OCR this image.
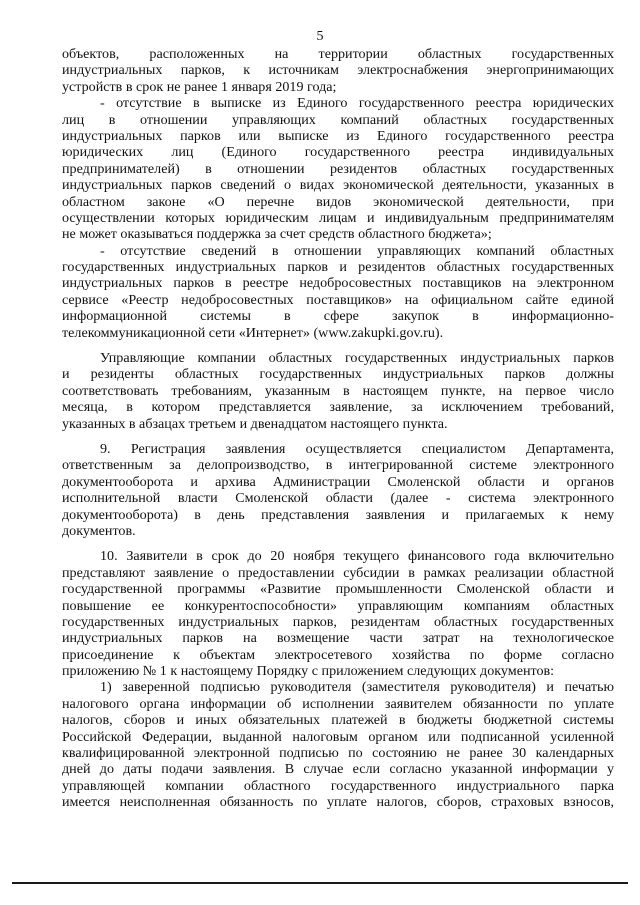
5
объектов, расположенных на территории областных государственных
индустриальных парков, к источникам электроснабжения энергопринимающих
устройств в срок не ранее 1 января 2019 года;
- отсутствие в выписке из Единого государственного реестра юридических
лиц в отношении управляющих компаний областных государственных
индустриальных парков или выписке из Единого государственного реестра
юридических лиц (Единого государственного реестра индивидуальных
предпринимателей) в отношении резидентов областных государственных
индустриальных парков сведений о видах экономической деятельности, указанных в
областном законе «О перечне видов экономической деятельности, при
осуществлении которых юридическим лицам и индивидуальным предпринимателям
не может оказываться поддержка за счет средств областного бюджета»;
- отсутствие сведений в отношении управляющих компаний областных
государственных индустриальных парков и резидентов областных государственных
индустриальных парков в реестре недобросовестных поставщиков на электронном
сервисе «Реестр недобросовестных поставщиков» на официальном сайте единой
информационной системы в сфере закупок в информационно-
телекоммуникационной сети «Интернет» (www.zakupki.gov.ru).
Управляющие компании областных государственных индустриальных парков
и резиденты областных государственных индустриальных парков должны
соответствовать требованиям, указанным в настоящем пункте, на первое число
месяца, в котором представляется заявление, за исключением требований,
указанных в абзацах третьем и двенадцатом настоящего пункта.
9. Регистрация заявления осуществляется специалистом Департамента,
ответственным за делопроизводство, в интегрированной системе электронного
документооборота и архива Администрации Смоленской области и органов
исполнительной власти Смоленской области (далее - система электронного
документооборота) в день представления заявления и прилагаемых к нему
документов.
10. Заявители в срок до 20 ноября текущего финансового года включительно
представляют заявление о предоставлении субсидии в рамках реализации областной
государственной программы «Развитие промышленности Смоленской области и
повышение ее конкурентоспособности» управляющим компаниям областных
государственных индустриальных парков, резидентам областных государственных
индустриальных парков на возмещение части затрат на технологическое
присоединение к объектам электросетевого хозяйства по форме согласно
приложению № 1 к настоящему Порядку с приложением следующих документов:
1) заверенной подписью руководителя (заместителя руководителя) и печатью
налогового органа информации об исполнении заявителем обязанности по уплате
налогов, сборов и иных обязательных платежей в бюджеты бюджетной системы
Российской Федерации, выданной налоговым органом или подписанной усиленной
квалифицированной электронной подписью по состоянию не ранее 30 календарных
дней до даты подачи заявления. В случае если согласно указанной информации у
управляющей компании областного государственного индустриального парка
имеется неисполненная обязанность по уплате налогов, сборов, страховых взносов,
